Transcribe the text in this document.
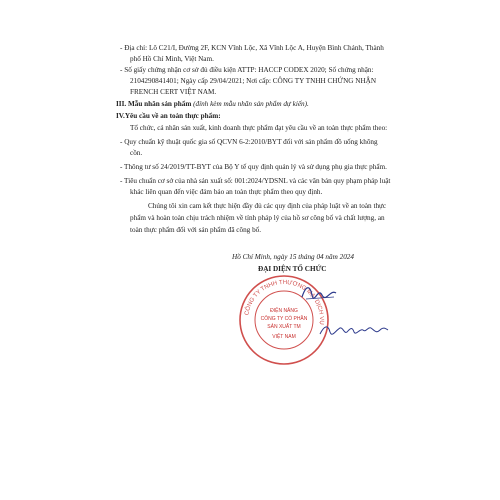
- Địa chỉ: Lô C21/I, Đường 2F, KCN Vĩnh Lộc, Xã Vĩnh Lộc A, Huyện Bình Chánh, Thành
phố Hồ Chí Minh, Việt Nam.
- Số giấy chứng nhận cơ sở đủ điều kiện ATTP: HACCP CODEX 2020; Số chứng nhận:
2104290841401; Ngày cấp 29/04/2021; Nơi cấp: CÔNG TY TNHH CHỨNG NHẬN
FRENCH CERT VIỆT NAM.
III. Mẫu nhãn sản phẩm (đính kèm mẫu nhãn sản phẩm dự kiến).
IV.Yêu cầu về an toàn thực phẩm:
Tổ chức, cá nhân sản xuất, kinh doanh thực phẩm đạt yêu cầu về an toàn thực phẩm theo:
- Quy chuẩn kỹ thuật quốc gia số QCVN 6-2:2010/BYT đối với sản phẩm đồ uống không
cồn.
- Thông tư số 24/2019/TT-BYT của Bộ Y tế quy định quản lý và sử dụng phụ gia thực phẩm.
- Tiêu chuẩn cơ sở của nhà sản xuất số: 001:2024/YDSNL và các văn bản quy phạm pháp luật
khác liên quan đến việc đảm bảo an toàn thực phẩm theo quy định.
Chúng tôi xin cam kết thực hiện đầy đủ các quy định của pháp luật về an toàn thực
phẩm và hoàn toàn chịu trách nhiệm về tính pháp lý của hồ sơ công bố và chất lượng, an
toàn thực phẩm đối với sản phẩm đã công bố.
Hồ Chí Minh, ngày 15 tháng 04 năm 2024
ĐẠI DIỆN TỔ CHỨC
CÔNG TY TNHH THƯƠNG MẠI DỊCH VỤ
ĐIỆN NĂNG
CÔNG TY CỔ PHẦN
SẢN XUẤT TM
VIỆT NAM
